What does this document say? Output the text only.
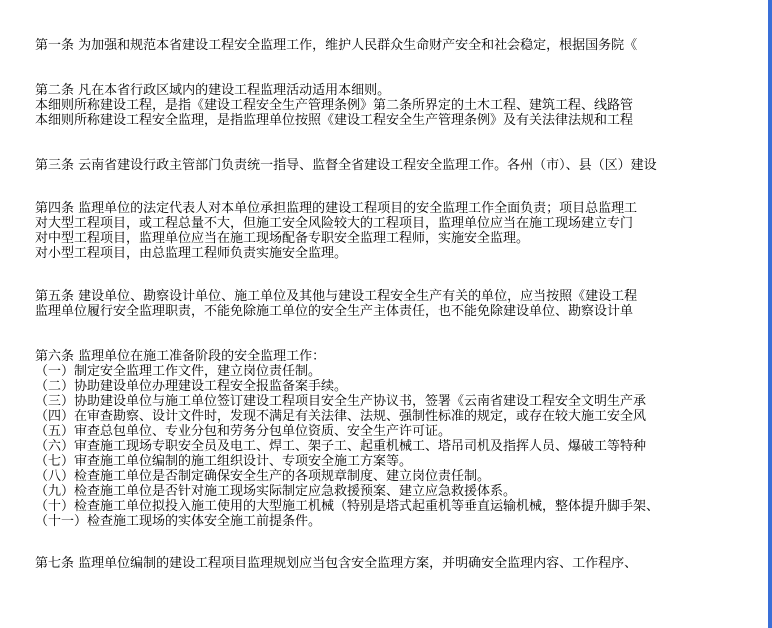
第一条 为加强和规范本省建设工程安全监理工作，维护人民群众生命财产安全和社会稳定，根据国务院《
第二条 凡在本省行政区域内的建设工程监理活动适用本细则。
本细则所称建设工程，是指《建设工程安全生产管理条例》第二条所界定的土木工程、建筑工程、线路管
本细则所称建设工程安全监理，是指监理单位按照《建设工程安全生产管理条例》及有关法律法规和工程
第三条 云南省建设行政主管部门负责统一指导、监督全省建设工程安全监理工作。各州（市）、县（区）建设
第四条 监理单位的法定代表人对本单位承担监理的建设工程项目的安全监理工作全面负责；项目总监理工
对大型工程项目，或工程总量不大，但施工安全风险较大的工程项目，监理单位应当在施工现场建立专门
对中型工程项目，监理单位应当在施工现场配备专职安全监理工程师，实施安全监理。
对小型工程项目，由总监理工程师负责实施安全监理。
第五条 建设单位、勘察设计单位、施工单位及其他与建设工程安全生产有关的单位，应当按照《建设工程
监理单位履行安全监理职责，不能免除施工单位的安全生产主体责任，也不能免除建设单位、勘察设计单
第六条 监理单位在施工准备阶段的安全监理工作：
（一）制定安全监理工作文件，建立岗位责任制。
（二）协助建设单位办理建设工程安全报监备案手续。
（三）协助建设单位与施工单位签订建设工程项目安全生产协议书，签署《云南省建设工程安全文明生产承
（四）在审查勘察、设计文件时，发现不满足有关法律、法规、强制性标准的规定，或存在较大施工安全风
（五）审查总包单位、专业分包和劳务分包单位资质、安全生产许可证。
（六）审查施工现场专职安全员及电工、焊工、架子工、起重机械工、塔吊司机及指挥人员、爆破工等特种
（七）审查施工单位编制的施工组织设计、专项安全施工方案等。
（八）检查施工单位是否制定确保安全生产的各项规章制度、建立岗位责任制。
（九）检查施工单位是否针对施工现场实际制定应急救援预案、建立应急救援体系。
（十）检查施工单位拟投入施工使用的大型施工机械（特别是塔式起重机等垂直运输机械，整体提升脚手架、
（十一）检查施工现场的实体安全施工前提条件。
第七条 监理单位编制的建设工程项目监理规划应当包含安全监理方案，并明确安全监理内容、工作程序、
